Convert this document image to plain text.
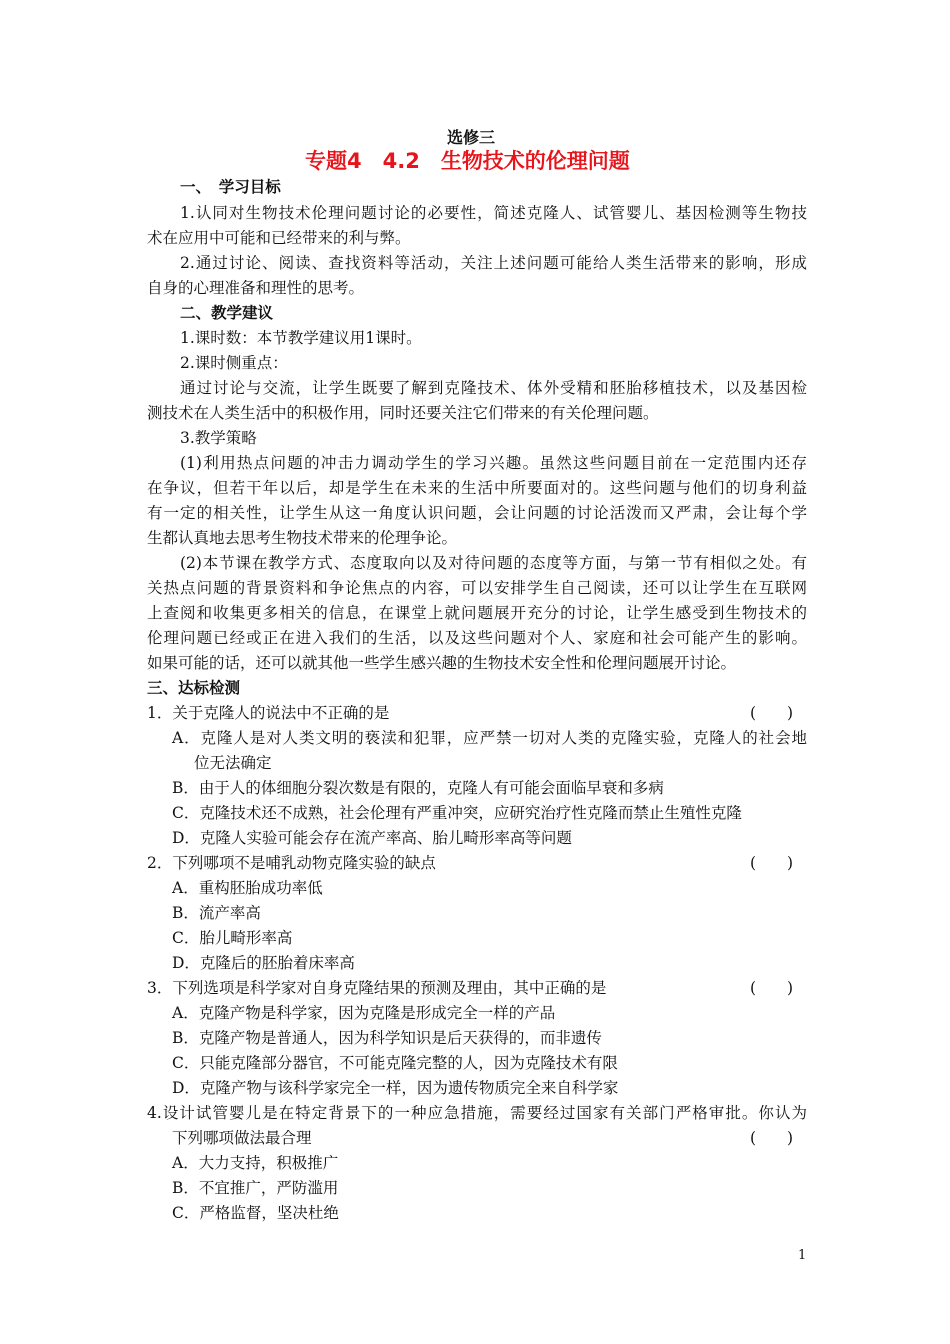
选修三
专题4　4.2　生物技术的伦理问题
一、　学习目标
1.认同对生物技术伦理问题讨论的必要性，简述克隆人、试管婴儿、基因检测等生物技
术在应用中可能和已经带来的利与弊。
2.通过讨论、阅读、查找资料等活动，关注上述问题可能给人类生活带来的影响，形成
自身的心理准备和理性的思考。
二、教学建议
1.课时数：本节教学建议用1课时。
2.课时侧重点：
通过讨论与交流，让学生既要了解到克隆技术、体外受精和胚胎移植技术，以及基因检
测技术在人类生活中的积极作用，同时还要关注它们带来的有关伦理问题。
3.教学策略
(1)利用热点问题的冲击力调动学生的学习兴趣。虽然这些问题目前在一定范围内还存
在争议，但若干年以后，却是学生在未来的生活中所要面对的。这些问题与他们的切身利益
有一定的相关性，让学生从这一角度认识问题，会让问题的讨论活泼而又严肃，会让每个学
生都认真地去思考生物技术带来的伦理争论。
(2)本节课在教学方式、态度取向以及对待问题的态度等方面，与第一节有相似之处。有
关热点问题的背景资料和争论焦点的内容，可以安排学生自己阅读，还可以让学生在互联网
上查阅和收集更多相关的信息，在课堂上就问题展开充分的讨论，让学生感受到生物技术的
伦理问题已经或正在进入我们的生活，以及这些问题对个人、家庭和社会可能产生的影响。
如果可能的话，还可以就其他一些学生感兴趣的生物技术安全性和伦理问题展开讨论。
三、达标检测
1．关于克隆人的说法中不正确的是	(　　)
A．克隆人是对人类文明的亵渎和犯罪，应严禁一切对人类的克隆实验，克隆人的社会地
位无法确定
B．由于人的体细胞分裂次数是有限的，克隆人有可能会面临早衰和多病
C．克隆技术还不成熟，社会伦理有严重冲突，应研究治疗性克隆而禁止生殖性克隆
D．克隆人实验可能会存在流产率高、胎儿畸形率高等问题
2．下列哪项不是哺乳动物克隆实验的缺点	(　　)
A．重构胚胎成功率低
B．流产率高
C．胎儿畸形率高
D．克隆后的胚胎着床率高
3．下列选项是科学家对自身克隆结果的预测及理由，其中正确的是	(　　)
A．克隆产物是科学家，因为克隆是形成完全一样的产品
B．克隆产物是普通人，因为科学知识是后天获得的，而非遗传
C．只能克隆部分器官，不可能克隆完整的人，因为克隆技术有限
D．克隆产物与该科学家完全一样，因为遗传物质完全来自科学家
4.设计试管婴儿是在特定背景下的一种应急措施，需要经过国家有关部门严格审批。你认为
下列哪项做法最合理	(　　)
A．大力支持，积极推广
B．不宜推广，严防滥用
C．严格监督，坚决杜绝
1
